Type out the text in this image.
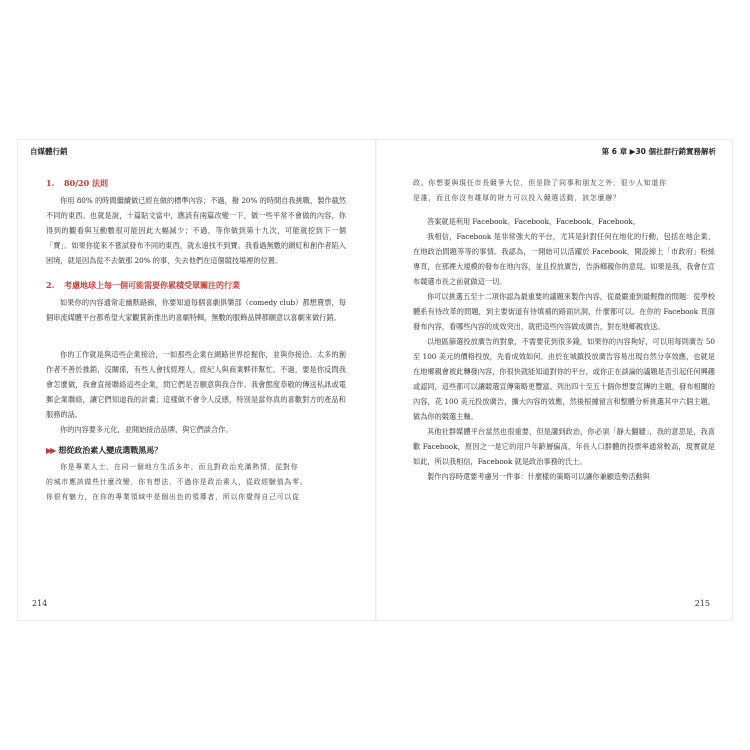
自媒體行銷
1. 80/20 法則

你用 80% 的時間繼續做已經在做的標準內容；不過，撥 20% 的時間自我挑戰，製作截然不同的東西。也就是說，十篇貼文當中，應該有兩篇改變一下，做一些平常不會做的內容，你得到的觀看與互動數很可能因此大幅減少；不過，等你做到第十九次，可能就挖到下一個「寶」。如果你從來不嘗試發布不同的東西，就永遠找不到寶。我看過無數的網紅和創作者陷入困境，就是因為從不去做那 20% 的事，失去他們在這個競技場裡的位置。

2. 考慮地球上每一個可能需要你累積受眾關注的行業

如果你的內容通常走幽默路線，你要知道每個喜劇俱樂部（comedy club）都想賣票，每個串流媒體平台都希望大家觀賞新推出的喜劇特輯，無數的服飾品牌都願意以喜劇來做行銷。

你的工作就是與這些企業接洽，一如那些企業在網路世界挖掘你，並與你接洽。太多的創作者不善於推銷，沒關係，有些人會找經理人、經紀人與商業夥伴幫忙。不過，要是你反問我會怎麼做，我會直接聯絡這些企業，問它們是否願意與我合作。我會態度恭敬的傳送私訊或電郵企業聯絡，讓它們知道我的計畫；這樣做不會令人反感，特別是當你真的喜歡對方的產品和服務的話。

你的內容要多元化，並開始接洽品牌，與它們談合作。

▶▶ 想從政治素人變成選戰黑馬？

你是專業人士，在同一個地方生活多年，而且對政治充滿熱情，從對你

的城市應該做些什麼改變，你有想法，不過你是政治素人，從政經驗值為零。

你很有魅力，在你的專業領域中是個出色的領導者，所以你覺得自己可以從

214
第 6 章 ▶30 個社群行銷實務解析

政。你想要與現任市長競爭大位，但是除了同事和朋友之外，很少人知道你

是誰，而且你沒有雄厚的財力可以投入競選活動，該怎麼辦？

答案就是利用 Facebook、Facebook、Facebook、Facebook。

我相信，Facebook 是非常強大的平台，尤其是針對任何在地化的行動，包括在地企業、在地政治問題等等的事情。我認為，一開始可以活躍於 Facebook，開設線上「市政府」粉絲專頁，在那裡大規模的發布在地內容，並且投放廣告，告訴鄉親你的意見。如果是我，我會在宣布競選市長之前就做這一切。

你可以挑選五至十二項你認為最重要的議題來製作內容，從最嚴重到最輕微的問題：從學校體系有待改革的問題，到主要街道有待填補的路面坑洞，什麼都可以。在你的 Facebook 頁面發布內容，看哪些內容的成效突出，就把這些內容做成廣告，對在地鄉親放送。

以地區篩選投放廣告的對象，不需要花到很多錢，如果你的內容夠好，可以用每則廣告 50 至 100 美元的價格投放，先看成效如何。由於在城鎮投放廣告容易出現自然分享效應，也就是在地鄉親會被此轉發內容，你很快就能知道對你的平台，或你正在談論的議題是否引起任何興趣或認同，這些都可以讓競選宣傳策略更豐富。列出四十至五十個你想要宣傳的主題，發布相關的內容，花 100 美元投放廣告，擴大內容的效應，然後根據留言和整體分析挑選其中六個主題，做為你的競選主軸。

其他社群媒體平台當然也很重要，但是講到政治，你必須「靜大翻牆」，我的意思是，我喜歡 Facebook，原因之一是它的用戶年齡層偏高，年長人口群體的投票率通常較高，現實就是如此，所以我相信，Facebook 就是政治事務的氏土。

製作內容時還要考慮另一件事：什麼樣的策略可以讓你兼顧造勢活動與

215
